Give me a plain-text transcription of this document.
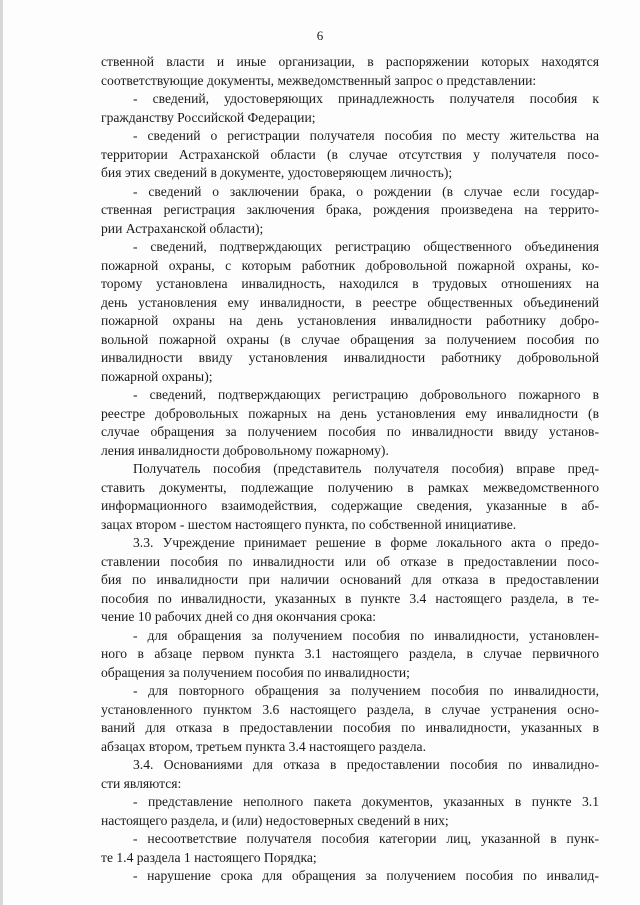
6
ственной власти и иные организации, в распоряжении которых находятся
соответствующие документы, межведомственный запрос о представлении:
- сведений, удостоверяющих принадлежность получателя пособия к
гражданству Российской Федерации;
- сведений о регистрации получателя пособия по месту жительства на
территории Астраханской области (в случае отсутствия у получателя посо-
бия этих сведений в документе, удостоверяющем личность);
- сведений о заключении брака, о рождении (в случае если государ-
ственная регистрация заключения брака, рождения произведена на террито-
рии Астраханской области);
- сведений, подтверждающих регистрацию общественного объединения
пожарной охраны, с которым работник добровольной пожарной охраны, ко-
торому установлена инвалидность, находился в трудовых отношениях на
день установления ему инвалидности, в реестре общественных объединений
пожарной охраны на день установления инвалидности работнику добро-
вольной пожарной охраны (в случае обращения за получением пособия по
инвалидности ввиду установления инвалидности работнику добровольной
пожарной охраны);
- сведений, подтверждающих регистрацию добровольного пожарного в
реестре добровольных пожарных на день установления ему инвалидности (в
случае обращения за получением пособия по инвалидности ввиду установ-
ления инвалидности добровольному пожарному).
Получатель пособия (представитель получателя пособия) вправе пред-
ставить документы, подлежащие получению в рамках межведомственного
информационного взаимодействия, содержащие сведения, указанные в аб-
зацах втором - шестом настоящего пункта, по собственной инициативе.
3.3. Учреждение принимает решение в форме локального акта о предо-
ставлении пособия по инвалидности или об отказе в предоставлении посо-
бия по инвалидности при наличии оснований для отказа в предоставлении
пособия по инвалидности, указанных в пункте 3.4 настоящего раздела, в те-
чение 10 рабочих дней со дня окончания срока:
- для обращения за получением пособия по инвалидности, установлен-
ного в абзаце первом пункта 3.1 настоящего раздела, в случае первичного
обращения за получением пособия по инвалидности;
- для повторного обращения за получением пособия по инвалидности,
установленного пунктом 3.6 настоящего раздела, в случае устранения осно-
ваний для отказа в предоставлении пособия по инвалидности, указанных в
абзацах втором, третьем пункта 3.4 настоящего раздела.
3.4. Основаниями для отказа в предоставлении пособия по инвалидно-
сти являются:
- представление неполного пакета документов, указанных в пункте 3.1
настоящего раздела, и (или) недостоверных сведений в них;
- несоответствие получателя пособия категории лиц, указанной в пунк-
те 1.4 раздела 1 настоящего Порядка;
- нарушение срока для обращения за получением пособия по инвалид-
